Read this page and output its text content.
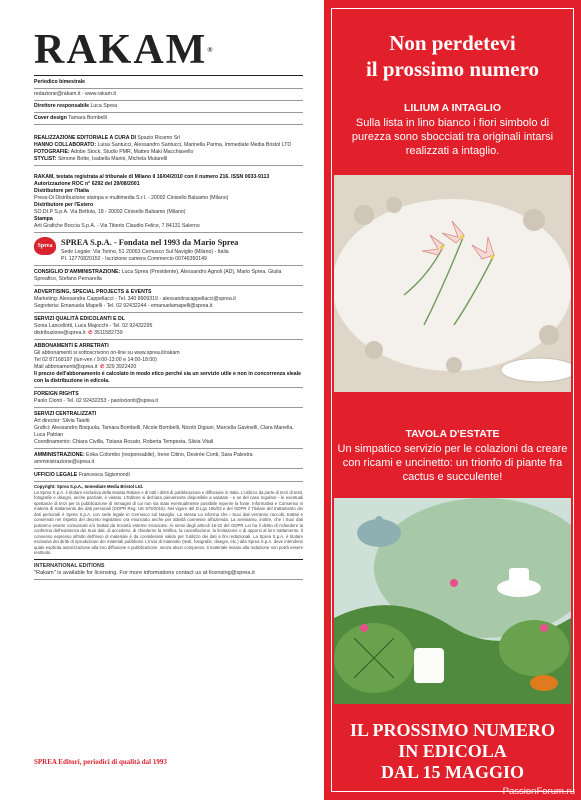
RAKAM®
Periodico bimestrale
redazione@rakam.it - www.rakam.it
Direttore responsabile Luca Sprea
Cover design Tamara Bombelli
REALIZZAZIONE EDITORIALE A CURA DI Spazio Ricamo Srl
HANNO COLLABORATO: Luisa Santucci, Alessandro Santucci, Marinella Parma, Immediate Media Bristol LTD
FOTOGRAFIE: Adobe Stock, Studio PMR, Matteo Maki Macchiavello
STYLIST: Simone Botte, Isabella Marini, Michela Mutarelli
RAKAM, testata registrata al tribunale di Milano il 16/04/2010 con il numero 216. ISSN 0033-9113
Autorizzazione ROC n° 6292 del 29/08/2001
Distributore per l'Italia
Press-Di Distribuzione stampa e multimedia S.r.l. - 20092 Cinisello Balsamo (Milano)
Distributore per l'Estero
SO.DI.P S.p.A. Via Bettola, 18 - 20092 Cinisello Balsamo (Milano)
Stampa
Arti Grafiche Boccia S.p.A. - Via Tiberio Claudio Felice, 7 84131 Salerno
Sprea	SPREA S.p.A. - Fondata nel 1993 da Mario Sprea
Sede Legale: Via Torino, 51 20063 Cernusco Sul Naviglio (Milano) - Italia
PI. 12770820152 - Iscrizione camera Commercio 00746350149
CONSIGLIO D'AMMINISTRAZIONE: Luca Sprea (Presidente), Alessandro Agnoli (AD), Mario Sprea, Giulia Spreafico, Stefano Pernarella
ADVERTISING, SPECIAL PROJECTS & EVENTS
Marketing: Alessandra Cappellacci - Tel. 340 8909319 - alessandracappellacci@sprea.it
Segreteria: Emanuela Mapelli - Tel. 02 92432244 - emanuelamapelli@sprea.it
SERVIZI QUALITÀ EDICOLANTI E DL
Sonia Lancellotti, Luca Majocchi - Tel. 02 92432295
distribuzione@sprea.it ✆ 3511582739
ABBONAMENTI E ARRETRATI
Gli abbonamenti si sottoscrivono on-line su www.sprea.it/rakam
Tel 02 87168197 (lun-ven / 9:00-13:00 e 14:00-18:00)
Mail abbonamenti@sprea.it ✆ 329 3922420
Il prezzo dell'abbonamento è calcolato in modo etico perché sia un servizio utile e non in concorrenza sleale con la distribuzione in edicola.
FOREIGN RIGHTS
Paolo Cionti - Tel. 02 92432253 - paolocionti@sprea.it
SERVIZI CENTRALIZZATI
Art director: Silvia Taietti
Grafici: Alessandro Bisquola, Tamara Bombelli, Nicole Bombelli, Nicolò Digiuni, Marcella Gavinelli, Clara Manella, Luca Patrian
Coordinamento: Chiara Civilla, Tiziana Rosato, Roberta Tempesta, Silvia Vitali
AMMINISTRAZIONE: Erika Colombo (responsabile), Irene Citino, Desirée Conti, Sara Palestra
amministrazione@sprea.it
UFFICIO LEGALE Francesca Sigismondi
Copyright: Sprea S.p.A., Immediate Media Bristol Ltd.
La Sprea S.p.A. è titolare esclusiva della testata Rakam e di tutti i diritti di pubblicazione e diffusione in Italia. L'utilizzo da parte di terzi di testi, fotografie e disegni, anche parziale, è vietato. L'Editore si dichiara pienamente disponibile a valutare - e se del caso regolare - le eventuali spettanze di terzi per la pubblicazione di immagini di cui non sia stato eventualmente possibile reperire la fonte. Informativa e Consenso in materia di trattamento dei dati personali (GDPR Reg. UE 679/2016). Nel vigore del D.Lgs 196/03 e del GDPR il Titolare del trattamento dei dati personali è Sprea S.p.A. con sede legale in Cernusco sul Naviglio. La stessa La informa che i Suoi dati verranno raccolti, trattati e conservati nel rispetto del decreto legislativo ora enunciato anche per attività connesse all'azienda. La avvisiamo, inoltre, che i Suoi dati potranno essere comunicati e/o trattati da Società esterne Incaricate. Ai sensi degli articoli 15-22 del GDPR Lei ha il diritto di richiedere la conferma dell'esistenza dei Suoi dati, di accedervi, di chiederne la rettifica, la cancellazione, la limitazione o di opporsi al loro trattamento. Il consenso espresso all'atto dell'invio di materiale è da considerarsi valido per l'utilizzo dei dati a fini redazionali. La Sprea S.p.A. è titolare esclusiva dei diritti di riproduzione dei materiali pubblicati. L'invio di materiale (testi, fotografie, disegni, etc.) alla Sprea S.p.A. deve intendersi quale esplicita autorizzazione alla loro diffusione e pubblicazione, senza alcun compenso. Il materiale inviato alla redazione non potrà essere restituito.
INTERNATIONAL EDITIONS
"Rakam" is available for licensing. For more informations contact us at licensing@sprea.it
SPREA Editori, periodici di qualità dal 1993
Non perdetevi
il prossimo numero
LILIUM A INTAGLIO
Sulla lista in lino bianco i fiori simbolo di purezza sono sbocciati tra originali intarsi realizzati a intaglio.
TAVOLA D'ESTATE
Un simpatico servizio per le colazioni da creare con ricami e uncinetto: un trionfo di piante fra cactus e succulente!
IL PROSSIMO NUMERO
IN EDICOLA
DAL 15 MAGGIO
PassionForum.ru
